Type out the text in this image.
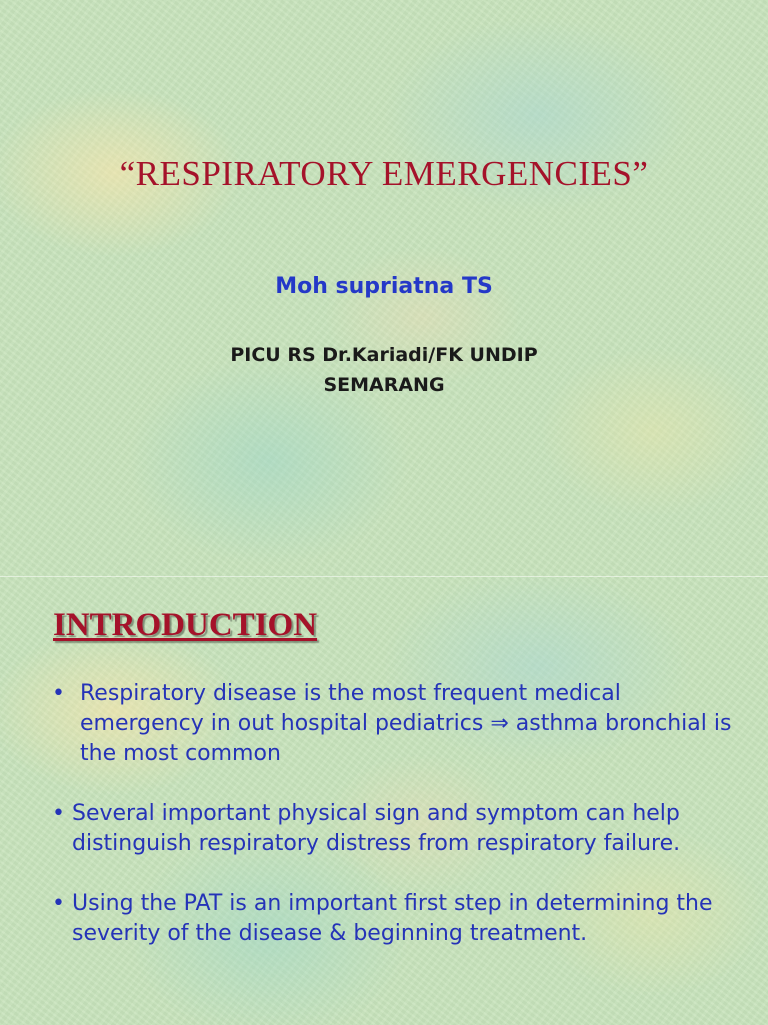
“RESPIRATORY EMERGENCIES”
Moh supriatna TS
PICU RS Dr.Kariadi/FK UNDIP
SEMARANG
INTRODUCTION
• Respiratory disease is the most frequent medical emergency in out hospital pediatrics ⇒ asthma bronchial is the most common
• Several important physical sign and symptom can help distinguish respiratory distress from respiratory failure.
• Using the PAT is an important first step in determining the severity of the disease & beginning treatment.
